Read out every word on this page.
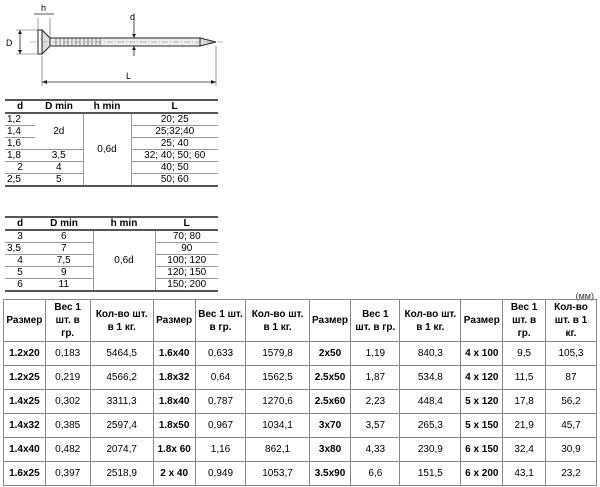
D
h
d
L
d	D min	h min	L
1,2	2d	0,6d	20; 25
1,4			25;32;40
1,6			25; 40
1,8	3,5		32; 40; 50; 60
2	4		40; 50
2,5	5		50; 60
d	D min	h min	L
3	6	0,6d	70; 80
3,5	7		90
4	7,5		100; 120
5	9		120; 150
6	11		150; 200
(мм)
Размер	Вес 1 шт. в гр.	Кол-во шт. в 1 кг.	Размер	Вес 1 шт. в гр.	Кол-во шт. в 1 кг.	Размер	Вес 1 шт. в гр.	Кол-во шт. в 1 кг.	Размер	Вес 1 шт. в гр.	Кол-во шт. в 1 кг.
1.2x20	0,183	5464,5	1.6x40	0,633	1579,8	2x50	1,19	840,3	4 x 100	9,5	105,3
1.2x25	0,219	4566,2	1.8x32	0,64	1562,5	2.5x50	1,87	534,8	4 x 120	11,5	87
1.4x25	0,302	3311,3	1.8x40	0,787	1270,6	2.5x60	2,23	448,4	5 x 120	17,8	56,2
1.4x32	0,385	2597,4	1.8x50	0,967	1034,1	3x70	3,57	265,3	5 x 150	21,9	45,7
1.4x40	0,482	2074,7	1.8x 60	1,16	862,1	3x80	4,33	230,9	6 x 150	32,4	30,9
1.6x25	0,397	2518,9	2 x 40	0,949	1053,7	3.5x90	6,6	151,5	6 x 200	43,1	23,2
